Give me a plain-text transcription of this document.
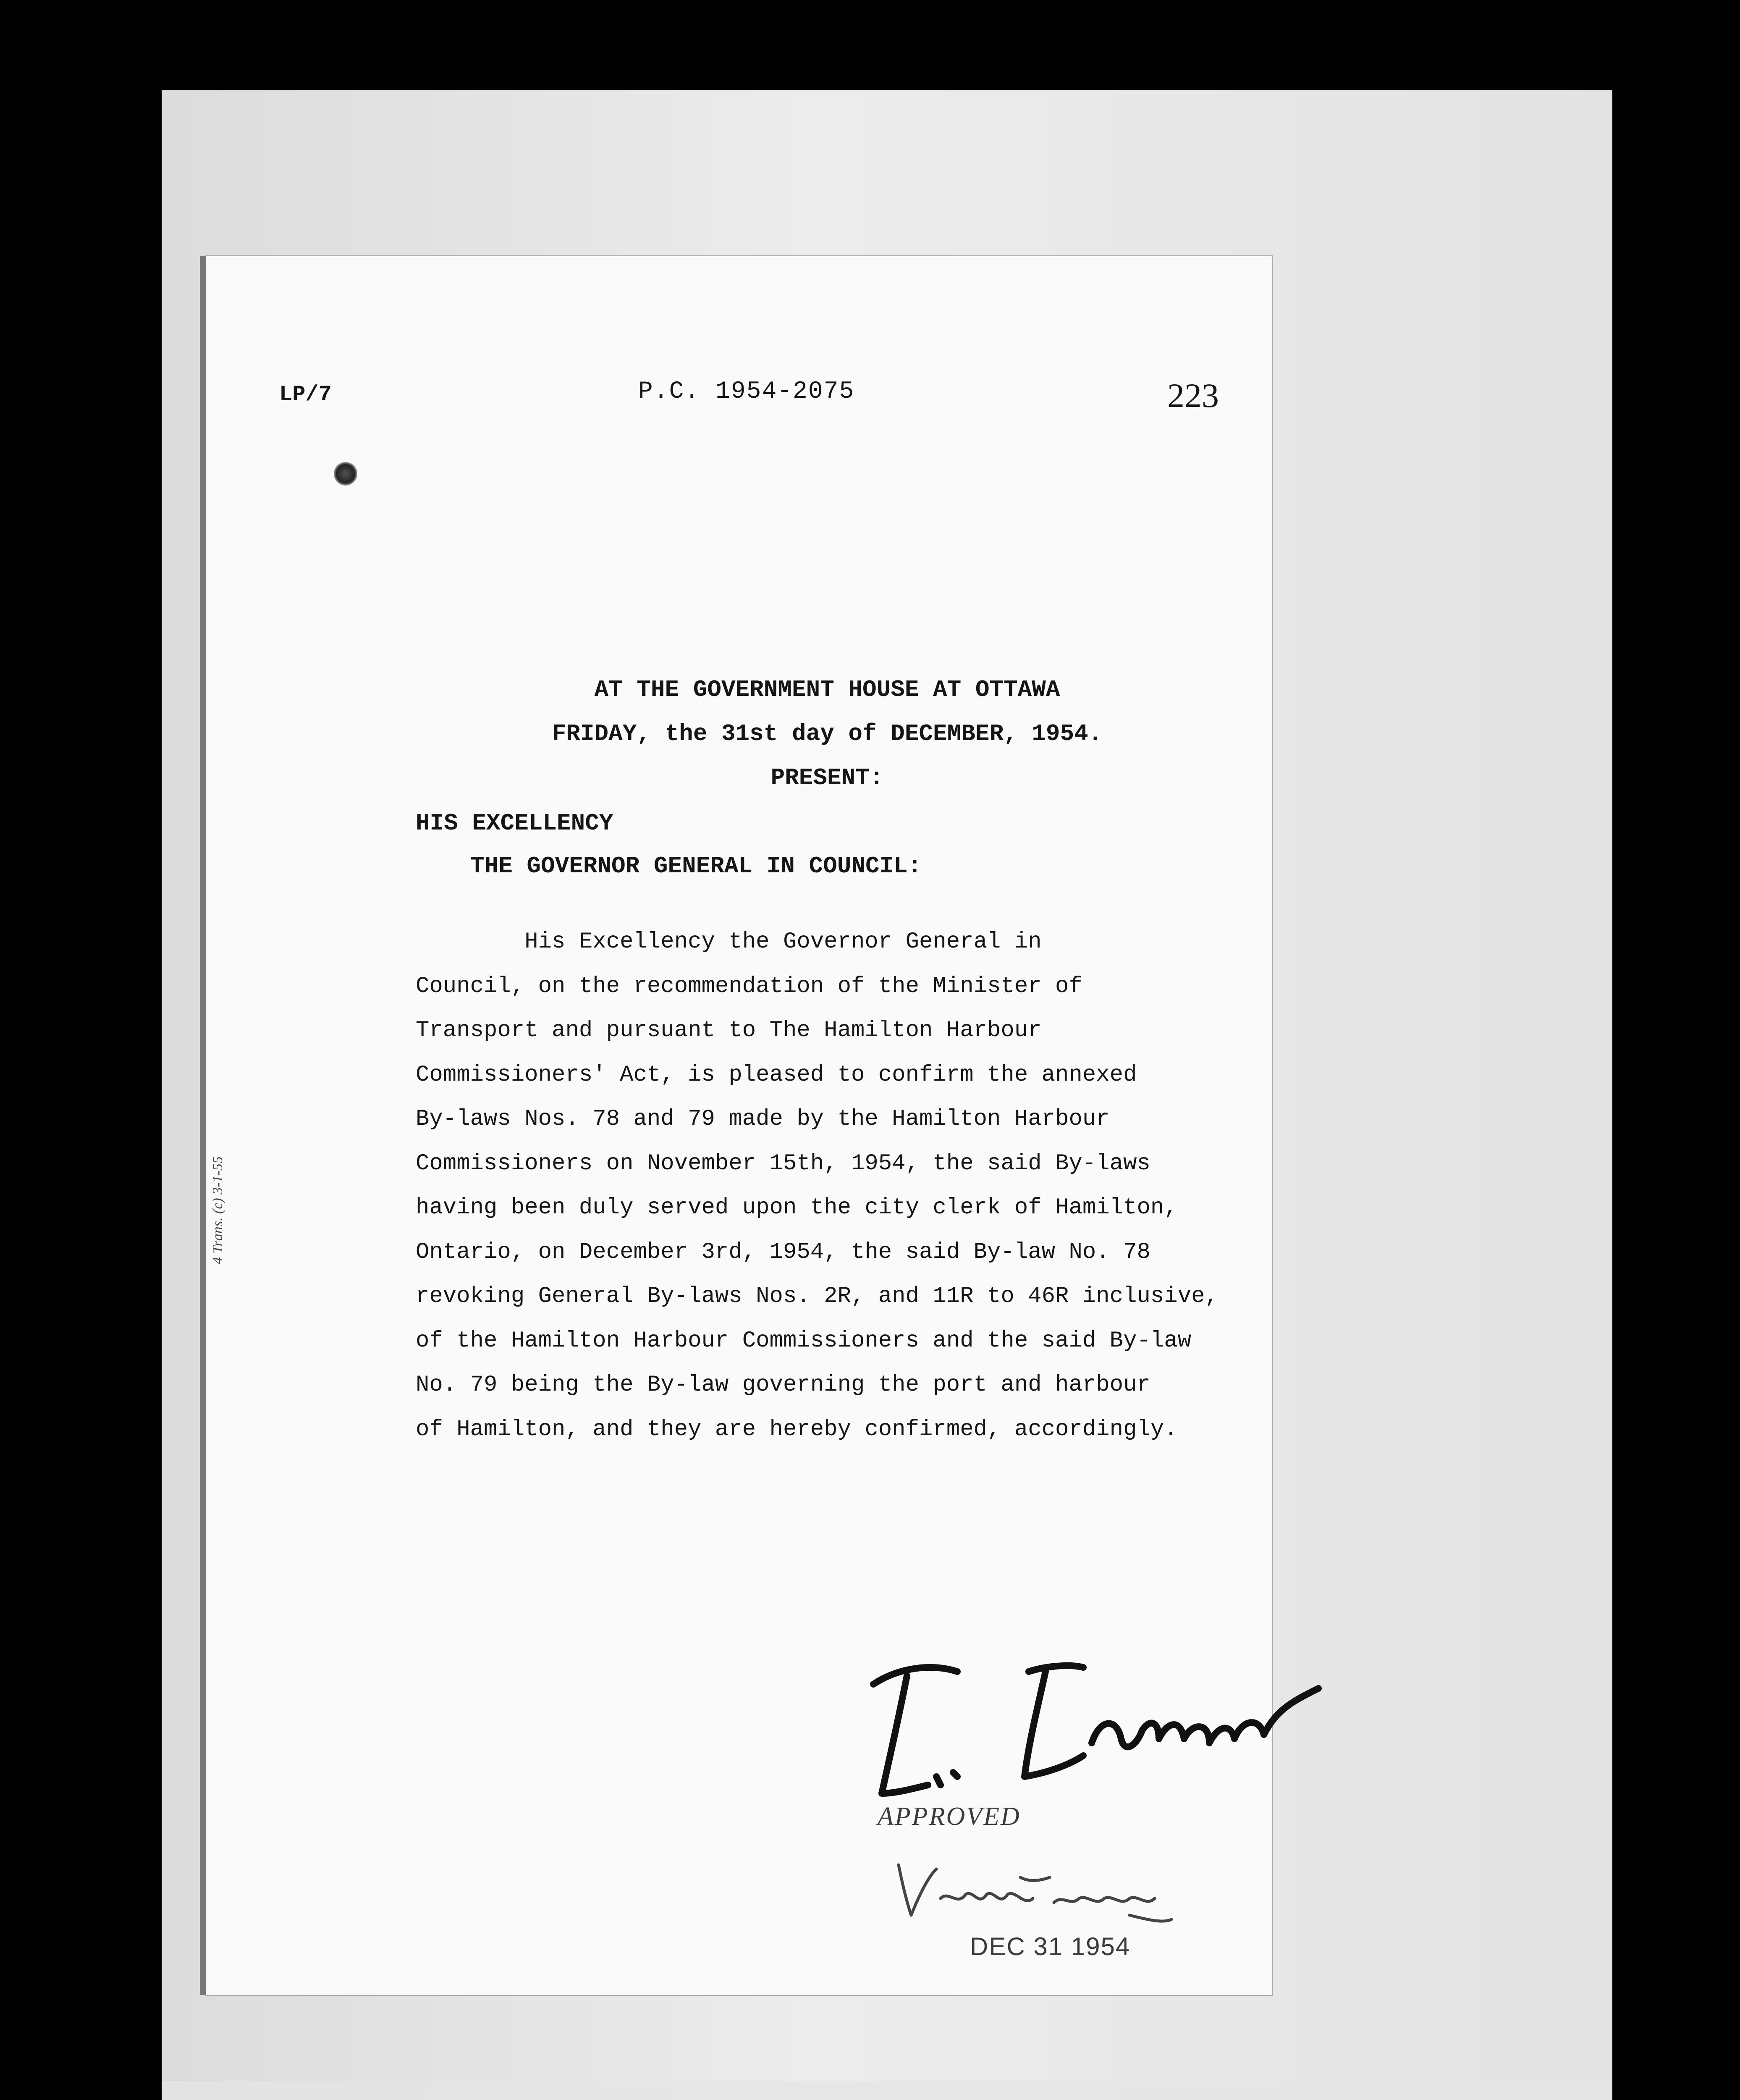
LP/7	P.C. 1954-2075	223
AT THE GOVERNMENT HOUSE AT OTTAWA
FRIDAY, the 31st day of DECEMBER, 1954.
PRESENT:
HIS EXCELLENCY
THE GOVERNOR GENERAL IN COUNCIL:
His Excellency the Governor General in
Council, on the recommendation of the Minister of
Transport and pursuant to The Hamilton Harbour
Commissioners' Act, is pleased to confirm the annexed
By-laws Nos. 78 and 79 made by the Hamilton Harbour
Commissioners on November 15th, 1954, the said By-laws
having been duly served upon the city clerk of Hamilton,
Ontario, on December 3rd, 1954, the said By-law No. 78
revoking General By-laws Nos. 2R, and 11R to 46R inclusive,
of the Hamilton Harbour Commissioners and the said By-law
No. 79 being the By-law governing the port and harbour
of Hamilton, and they are hereby confirmed, accordingly.
4 Trans. (c) 3-1-55
APPROVED
DEC 31 1954
